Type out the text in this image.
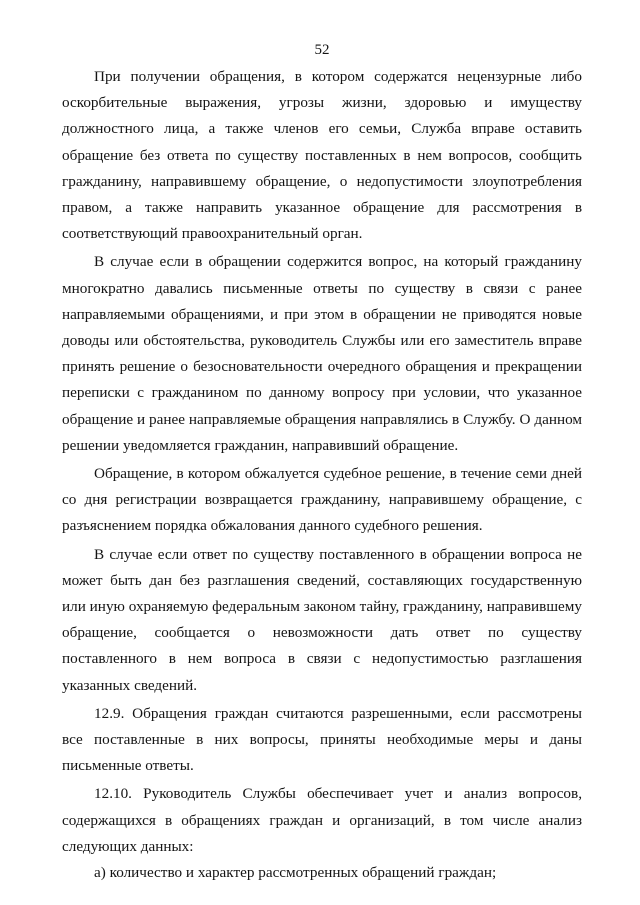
52

При получении обращения, в котором содержатся нецензурные либо оскорбительные выражения, угрозы жизни, здоровью и имуществу должностного лица, а также членов его семьи, Служба вправе оставить обращение без ответа по существу поставленных в нем вопросов, сообщить гражданину, направившему обращение, о недопустимости злоупотребления правом, а также направить указанное обращение для рассмотрения в соответствующий правоохранительный орган.

В случае если в обращении содержится вопрос, на который гражданину многократно давались письменные ответы по существу в связи с ранее направляемыми обращениями, и при этом в обращении не приводятся новые доводы или обстоятельства, руководитель Службы или его заместитель вправе принять решение о безосновательности очередного обращения и прекращении переписки с гражданином по данному вопросу при условии, что указанное обращение и ранее направляемые обращения направлялись в Службу. О данном решении уведомляется гражданин, направивший обращение.

Обращение, в котором обжалуется судебное решение, в течение семи дней со дня регистрации возвращается гражданину, направившему обращение, с разъяснением порядка обжалования данного судебного решения.

В случае если ответ по существу поставленного в обращении вопроса не может быть дан без разглашения сведений, составляющих государственную или иную охраняемую федеральным законом тайну, гражданину, направившему обращение, сообщается о невозможности дать ответ по существу поставленного в нем вопроса в связи с недопустимостью разглашения указанных сведений.

12.9. Обращения граждан считаются разрешенными, если рассмотрены все поставленные в них вопросы, приняты необходимые меры и даны письменные ответы.

12.10. Руководитель Службы обеспечивает учет и анализ вопросов, содержащихся в обращениях граждан и организаций, в том числе анализ следующих данных:

а) количество и характер рассмотренных обращений граждан;
